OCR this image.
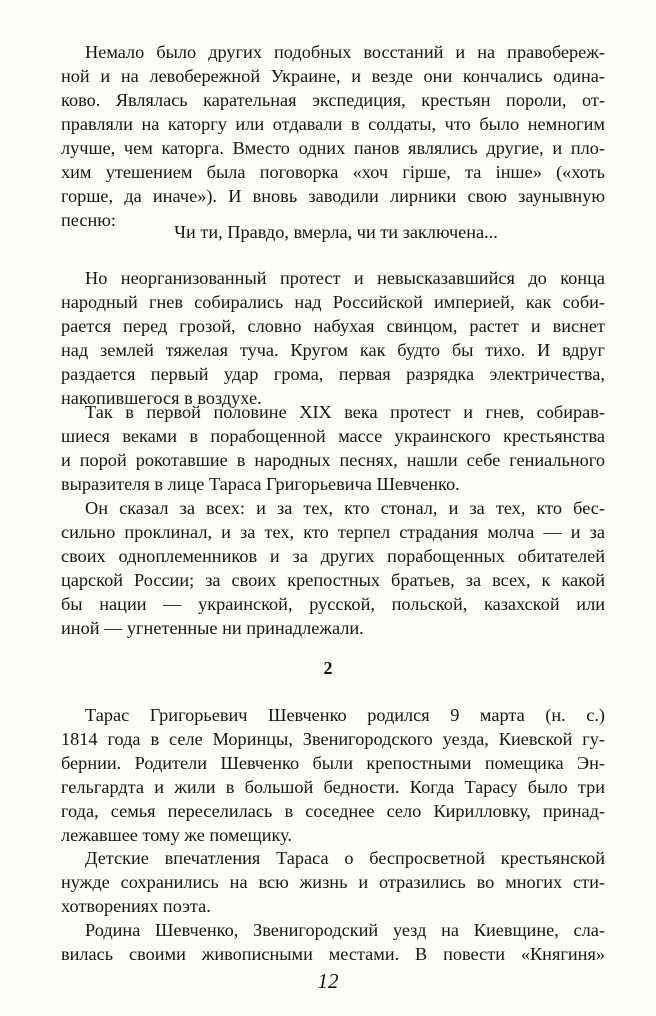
Немало было других подобных восстаний и на правобереж-
ной и на левобережной Украине, и везде они кончались одина-
ково. Являлась карательная экспедиция, крестьян пороли, от-
правляли на каторгу или отдавали в солдаты, что было немногим
лучше, чем каторга. Вместо одних панов являлись другие, и пло-
хим утешением была поговорка «хоч гірше, та інше» («хоть
горше, да иначе»). И вновь заводили лирники свою заунывную
песню:
Чи ти, Правдо, вмерла, чи ти заключена...
Но неорганизованный протест и невысказавшийся до конца
народный гнев собирались над Российской империей, как соби-
рается перед грозой, словно набухая свинцом, растет и виснет
над землей тяжелая туча. Кругом как будто бы тихо. И вдруг
раздается первый удар грома, первая разрядка электричества,
накопившегося в воздухе.
Так в первой половине XIX века протест и гнев, собирав-
шиеся веками в порабощенной массе украинского крестьянства
и порой рокотавшие в народных песнях, нашли себе гениального
выразителя в лице Тараса Григорьевича Шевченко.
Он сказал за всех: и за тех, кто стонал, и за тех, кто бес-
сильно проклинал, и за тех, кто терпел страдания молча — и за
своих одноплеменников и за других порабощенных обитателей
царской России; за своих крепостных братьев, за всех, к какой
бы нации — украинской, русской, польской, казахской или
иной — угнетенные ни принадлежали.
2
Тарас Григорьевич Шевченко родился 9 марта (н. с.)
1814 года в селе Моринцы, Звенигородского уезда, Киевской гу-
бернии. Родители Шевченко были крепостными помещика Эн-
гельгардта и жили в большой бедности. Когда Тарасу было три
года, семья переселилась в соседнее село Кирилловку, принад-
лежавшее тому же помещику.
Детские впечатления Тараса о беспросветной крестьянской
нужде сохранились на всю жизнь и отразились во многих сти-
хотворениях поэта.
Родина Шевченко, Звенигородский уезд на Киевщине, сла-
вилась своими живописными местами. В повести «Княгиня»
12
